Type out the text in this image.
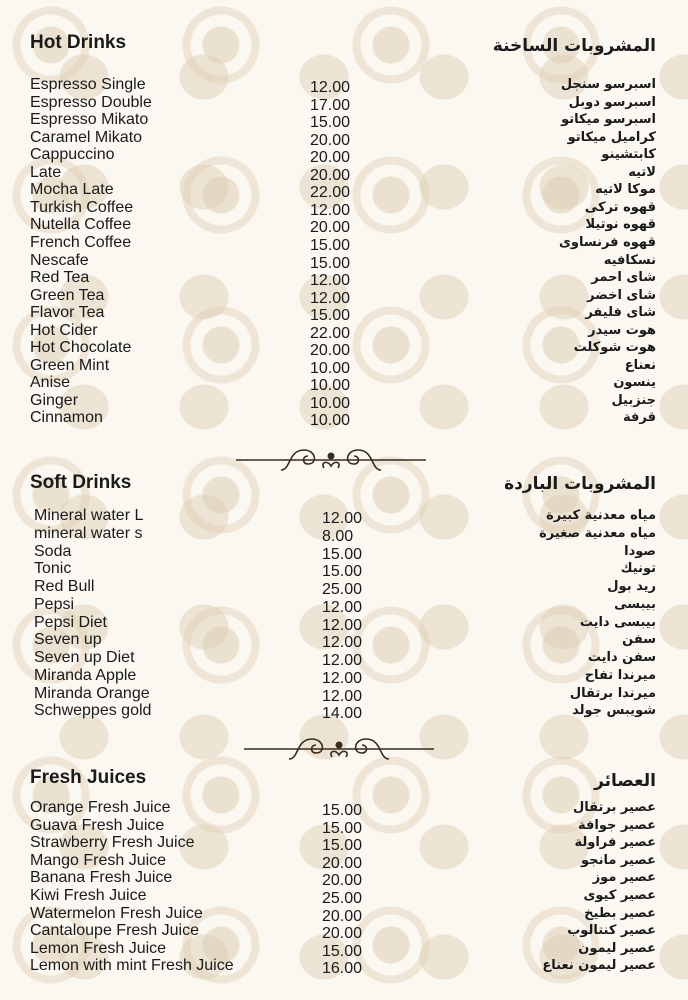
Hot Drinks	المشروبات الساخنة
Espresso Single	12.00	اسبرسو سنجل
Espresso Double	17.00	اسبرسو دوبل
Espresso Mikato	15.00	اسبرسو ميكاتو
Caramel Mikato	20.00	كراميل ميكاتو
Cappuccino	20.00	كابتشينو
Late	20.00	لاتيه
Mocha Late	22.00	موكا لاتيه
Turkish Coffee	12.00	قهوه تركى
Nutella Coffee	20.00	قهوه نوتيلا
French Coffee	15.00	قهوه فرنساوى
Nescafe	15.00	نسكافيه
Red Tea	12.00	شاى احمر
Green Tea	12.00	شاى اخضر
Flavor Tea	15.00	شاى فليفر
Hot Cider	22.00	هوت سيدر
Hot Chocolate	20.00	هوت شوكلت
Green Mint	10.00	نعناع
Anise	10.00	ينسون
Ginger	10.00	جنزبيل
Cinnamon	10.00	قرفة
Soft Drinks	المشروبات الباردة
Mineral water L	12.00	مياه معدنية كبيرة
mineral water s	8.00	مياه معدنية صغيرة
Soda	15.00	صودا
Tonic	15.00	تونيك
Red Bull	25.00	ريد بول
Pepsi	12.00	بيبسى
Pepsi Diet	12.00	بيبسى دايت
Seven up	12.00	سفن
Seven up Diet	12.00	سفن دايت
Miranda Apple	12.00	ميرندا تفاح
Miranda Orange	12.00	ميرندا برتقال
Schweppes gold	14.00	شويبس جولد
Fresh Juices	العصائر
Orange Fresh Juice	15.00	عصير برتقال
Guava Fresh Juice	15.00	عصير جوافة
Strawberry Fresh Juice	15.00	عصير فراولة
Mango Fresh Juice	20.00	عصير مانجو
Banana Fresh Juice	20.00	عصير موز
Kiwi Fresh Juice	25.00	عصير كيوى
Watermelon Fresh Juice	20.00	عصير بطيخ
Cantaloupe Fresh Juice	20.00	عصير كنتالوب
Lemon Fresh Juice	15.00	عصير ليمون
Lemon with mint Fresh Juice	16.00	عصير ليمون نعناع
